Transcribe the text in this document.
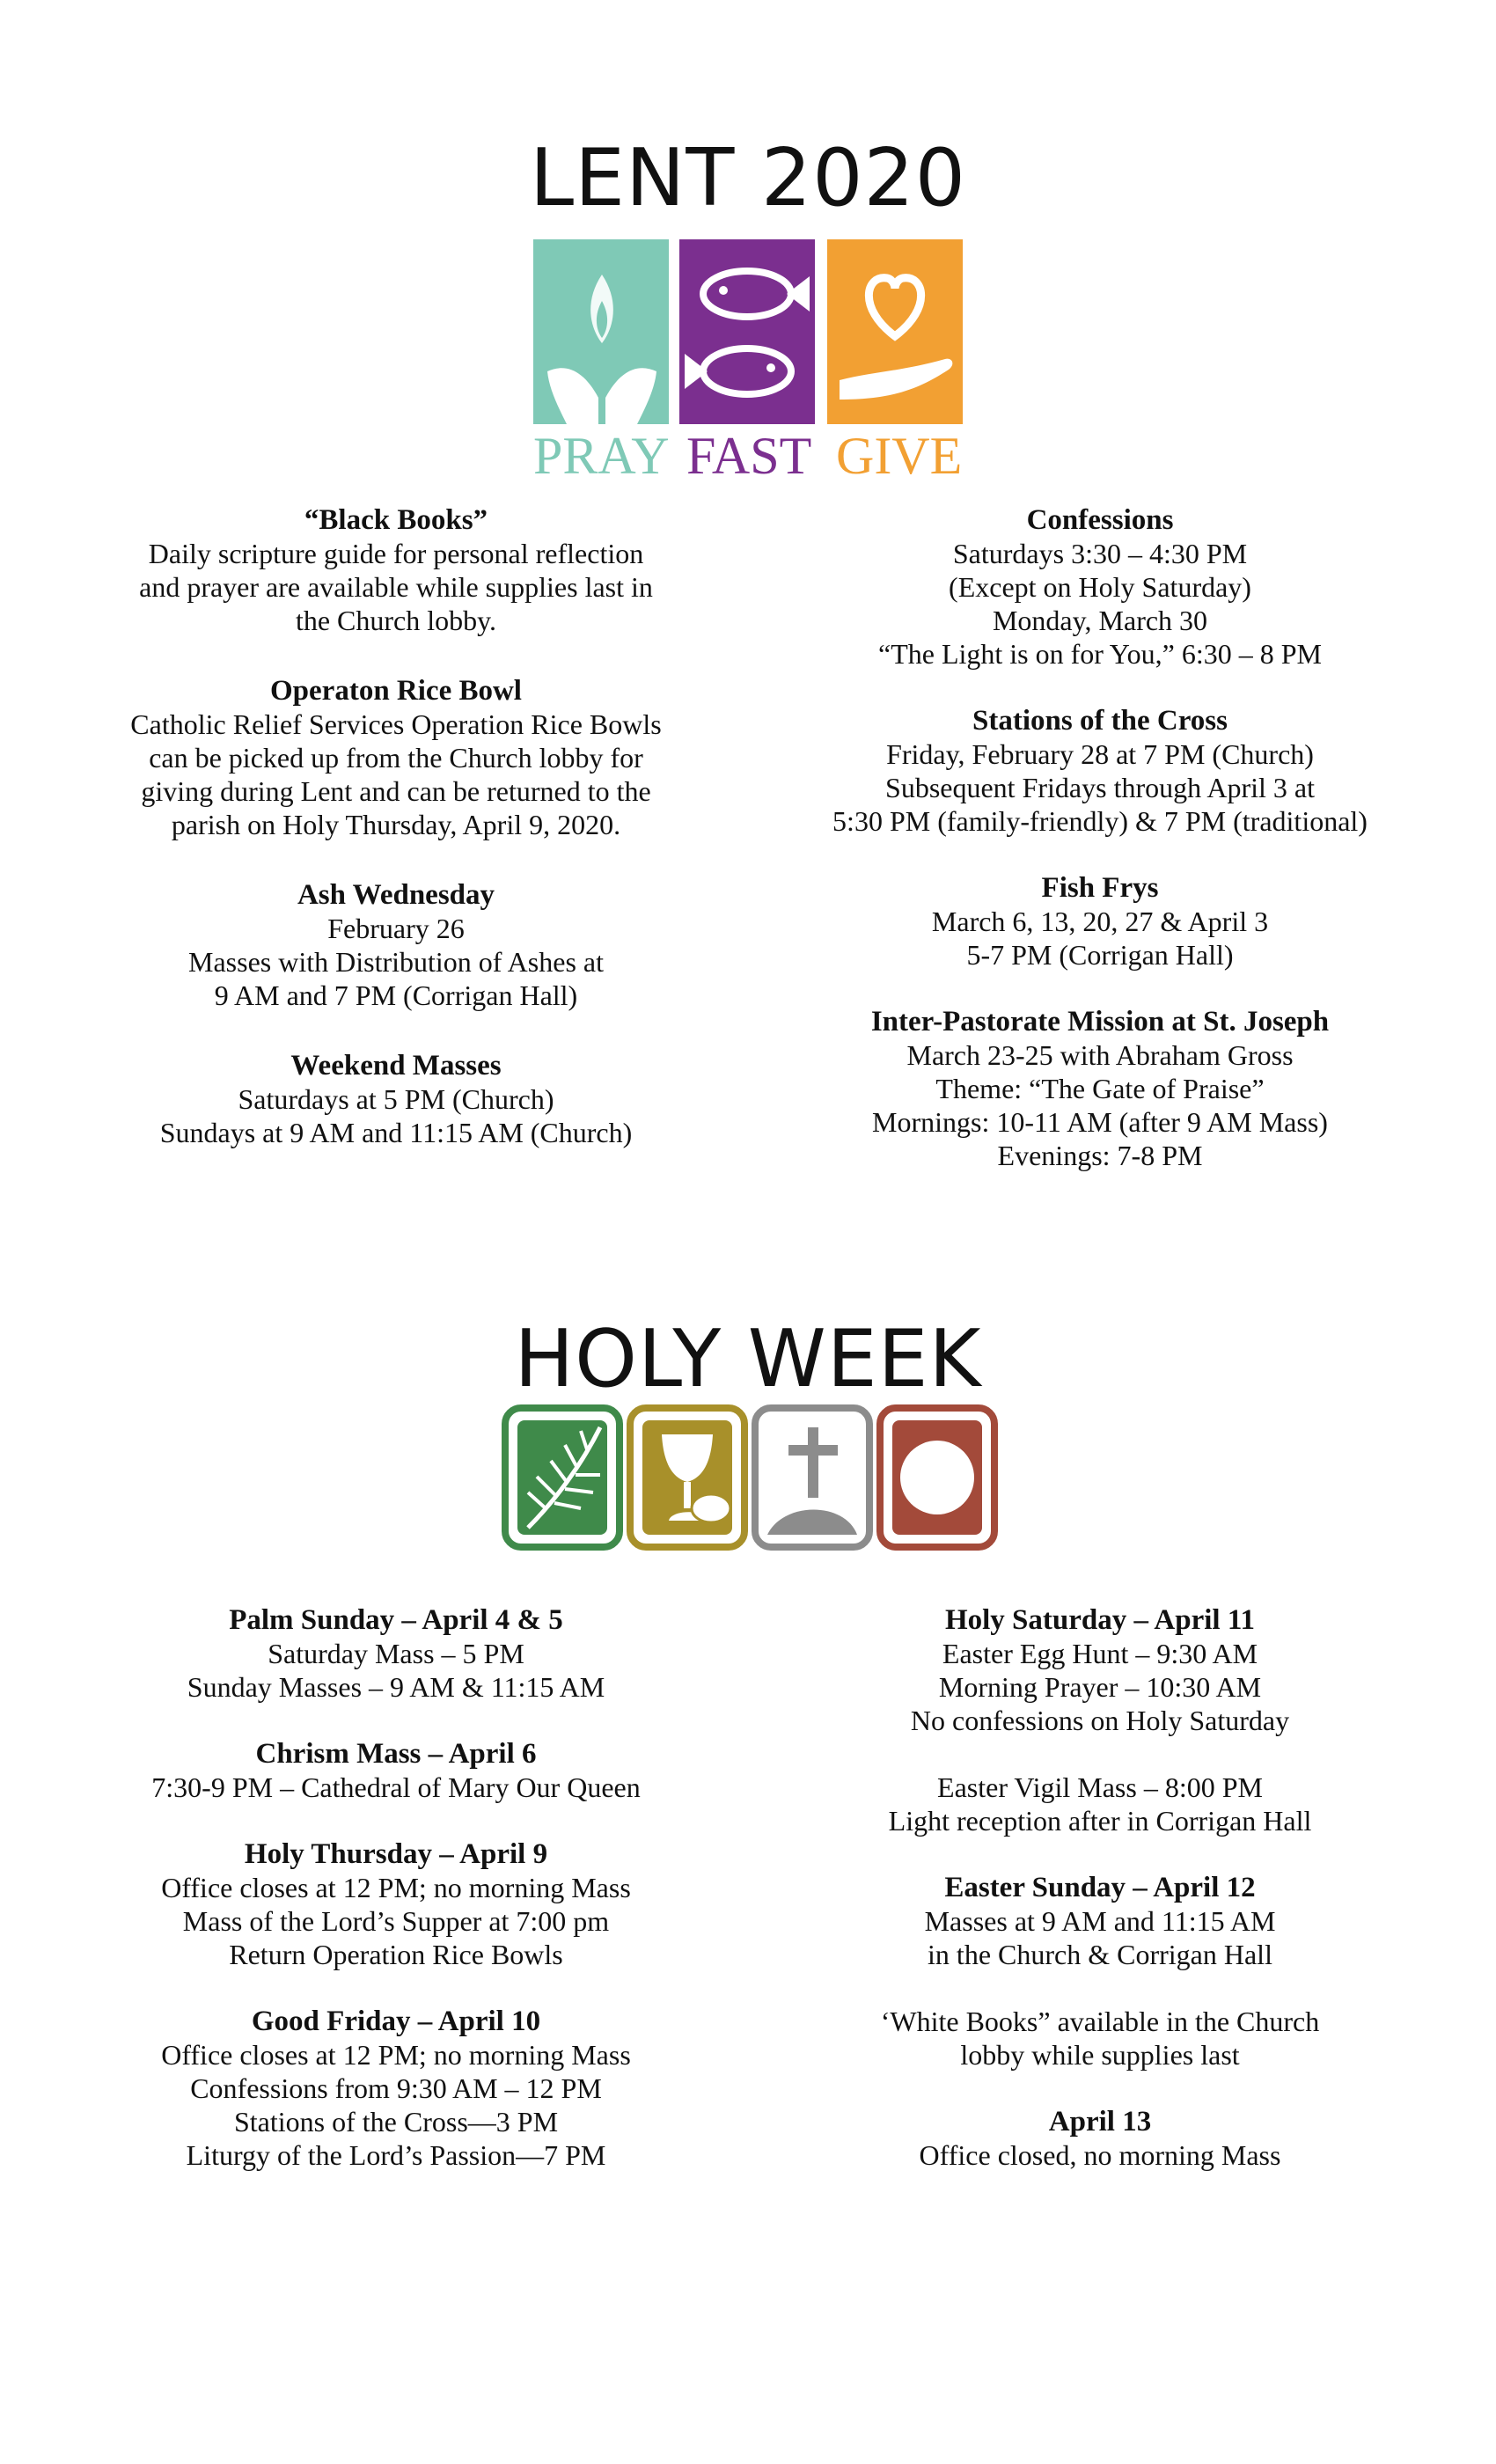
LENT 2020
PRAY FAST GIVE
“Black Books”
Daily scripture guide for personal reflection
and prayer are available while supplies last in
the Church lobby.
Operaton Rice Bowl
Catholic Relief Services Operation Rice Bowls
can be picked up from the Church lobby for
giving during Lent and can be returned to the
parish on Holy Thursday, April 9, 2020.
Ash Wednesday
February 26
Masses with Distribution of Ashes at
9 AM and 7 PM (Corrigan Hall)
Weekend Masses
Saturdays at 5 PM (Church)
Sundays at 9 AM and 11:15 AM (Church)
Confessions
Saturdays 3:30 – 4:30 PM
(Except on Holy Saturday)
Monday, March 30
“The Light is on for You,” 6:30 – 8 PM
Stations of the Cross
Friday, February 28 at 7 PM (Church)
Subsequent Fridays through April 3 at
5:30 PM (family-friendly) & 7 PM (traditional)
Fish Frys
March 6, 13, 20, 27 & April 3
5-7 PM (Corrigan Hall)
Inter-Pastorate Mission at St. Joseph
March 23-25 with Abraham Gross
Theme: “The Gate of Praise”
Mornings: 10-11 AM (after 9 AM Mass)
Evenings: 7-8 PM
HOLY WEEK
Palm Sunday – April 4 & 5
Saturday Mass – 5 PM
Sunday Masses – 9 AM & 11:15 AM
Chrism Mass – April 6
7:30-9 PM – Cathedral of Mary Our Queen
Holy Thursday – April 9
Office closes at 12 PM; no morning Mass
Mass of the Lord’s Supper at 7:00 pm
Return Operation Rice Bowls
Good Friday – April 10
Office closes at 12 PM; no morning Mass
Confessions from 9:30 AM – 12 PM
Stations of the Cross—3 PM
Liturgy of the Lord’s Passion—7 PM
Holy Saturday – April 11
Easter Egg Hunt – 9:30 AM
Morning Prayer – 10:30 AM
No confessions on Holy Saturday
Easter Vigil Mass – 8:00 PM
Light reception after in Corrigan Hall
Easter Sunday – April 12
Masses at 9 AM and 11:15 AM
in the Church & Corrigan Hall
‘White Books” available in the Church
lobby while supplies last
April 13
Office closed, no morning Mass
